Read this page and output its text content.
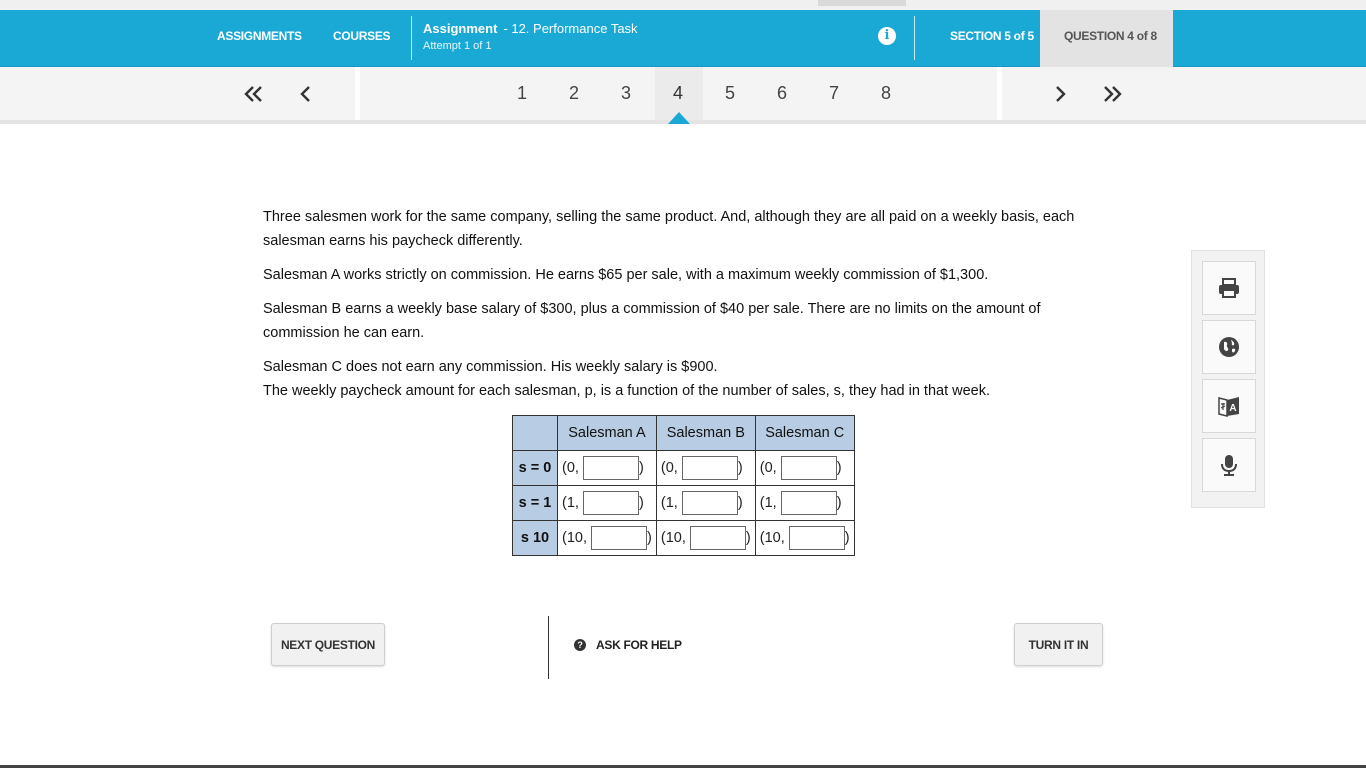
ASSIGNMENTS	COURSES	Assignment - 12. Performance Task
Attempt 1 of 1
i	SECTION 5 of 5	QUESTION 4 of 8
1	2	3	4	5	6	7	8

Three salesmen work for the same company, selling the same product. And, although they are all paid on a weekly basis, each salesman earns his paycheck differently.

Salesman A works strictly on commission. He earns $65 per sale, with a maximum weekly commission of $1,300.

Salesman B earns a weekly base salary of $300, plus a commission of $40 per sale. There are no limits on the amount of commission he can earn.

Salesman C does not earn any commission. His weekly salary is $900.

The weekly paycheck amount for each salesman, p, is a function of the number of sales, s, they had in that week.

	Salesman A	Salesman B	Salesman C
s = 0	(0, )	(0, )	(0, )
s = 1	(1, )	(1, )	(1, )
s 10	(10, )	(10, )	(10, )
A
NEXT QUESTION	? ASK FOR HELP	TURN IT IN
